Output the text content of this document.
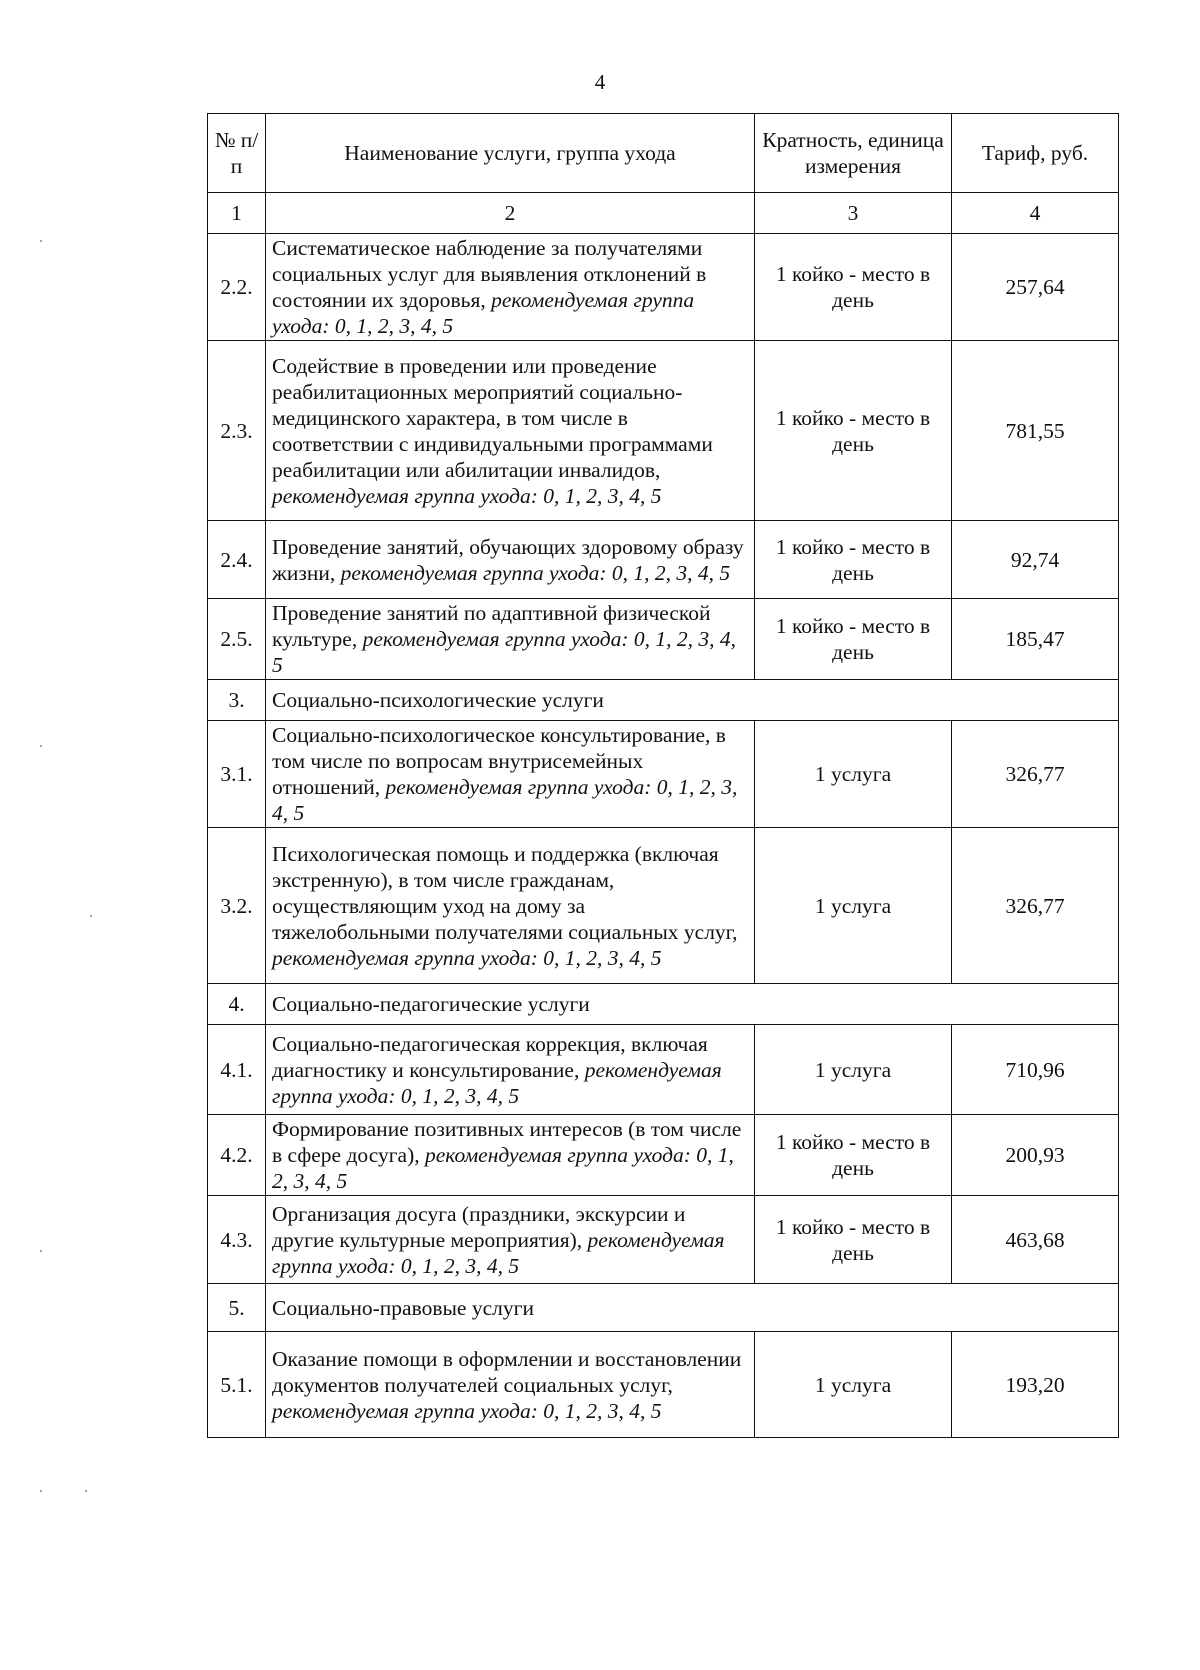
4
№ п/п	Наименование услуги, группа ухода	Кратность, единица измерения	Тариф, руб.
1	2	3	4
2.2.	Систематическое наблюдение за получателями социальных услуг для выявления отклонений в состоянии их здоровья, рекомендуемая группа ухода: 0, 1, 2, 3, 4, 5	1 койко - место в день	257,64
2.3.	Содействие в проведении или проведение реабилитационных мероприятий социально-медицинского характера, в том числе в соответствии с индивидуальными программами реабилитации или абилитации инвалидов, рекомендуемая группа ухода: 0, 1, 2, 3, 4, 5	1 койко - место в день	781,55
2.4.	Проведение занятий, обучающих здоровому образу жизни, рекомендуемая группа ухода: 0, 1, 2, 3, 4, 5	1 койко - место в день	92,74
2.5.	Проведение занятий по адаптивной физической культуре, рекомендуемая группа ухода: 0, 1, 2, 3, 4, 5	1 койко - место в день	185,47
3.	Социально-психологические услуги		
3.1.	Социально-психологическое консультирование, в том числе по вопросам внутрисемейных отношений, рекомендуемая группа ухода: 0, 1, 2, 3, 4, 5	1 услуга	326,77
3.2.	Психологическая помощь и поддержка (включая экстренную), в том числе гражданам, осуществляющим уход на дому за тяжелобольными получателями социальных услуг, рекомендуемая группа ухода: 0, 1, 2, 3, 4, 5	1 услуга	326,77
4.	Социально-педагогические услуги		
4.1.	Социально-педагогическая коррекция, включая диагностику и консультирование, рекомендуемая группа ухода: 0, 1, 2, 3, 4, 5	1 услуга	710,96
4.2.	Формирование позитивных интересов (в том числе в сфере досуга), рекомендуемая группа ухода: 0, 1, 2, 3, 4, 5	1 койко - место в день	200,93
4.3.	Организация досуга (праздники, экскурсии и другие культурные мероприятия), рекомендуемая группа ухода: 0, 1, 2, 3, 4, 5	1 койко - место в день	463,68
5.	Социально-правовые услуги		
5.1.	Оказание помощи в оформлении и восстановлении документов получателей социальных услуг, рекомендуемая группа ухода: 0, 1, 2, 3, 4, 5	1 услуга	193,20
